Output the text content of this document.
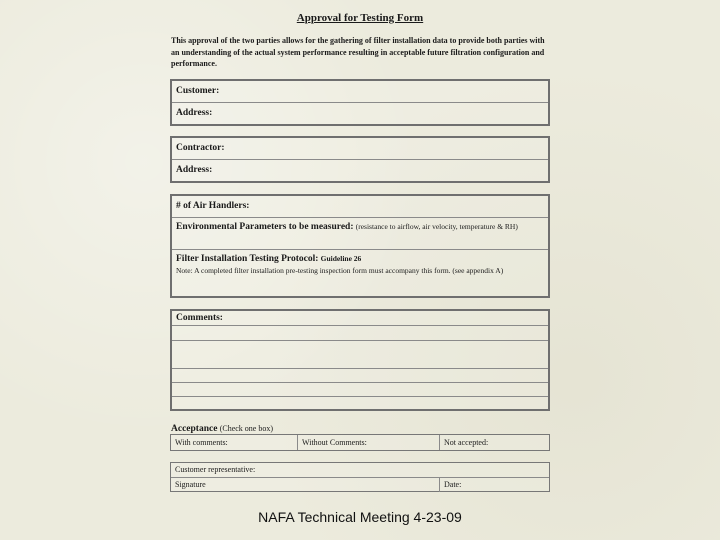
Approval for Testing Form
This approval of the two parties allows for the gathering of filter installation data to provide both parties with an understanding of the actual system performance resulting in acceptable future filtration configuration and performance.
Customer:
Address:
Contractor:
Address:
# of Air Handlers:
Environmental Parameters to be measured: (resistance to airflow, air velocity, temperature & RH)
Filter Installation Testing Protocol: Guideline 26
Note: A completed filter installation pre-testing inspection form must accompany this form. (see appendix A)
Comments:
Acceptance (Check one box)
With comments:	Without Comments:	Not accepted:
Customer representative:
Signature	Date:
NAFA Technical Meeting 4-23-09
